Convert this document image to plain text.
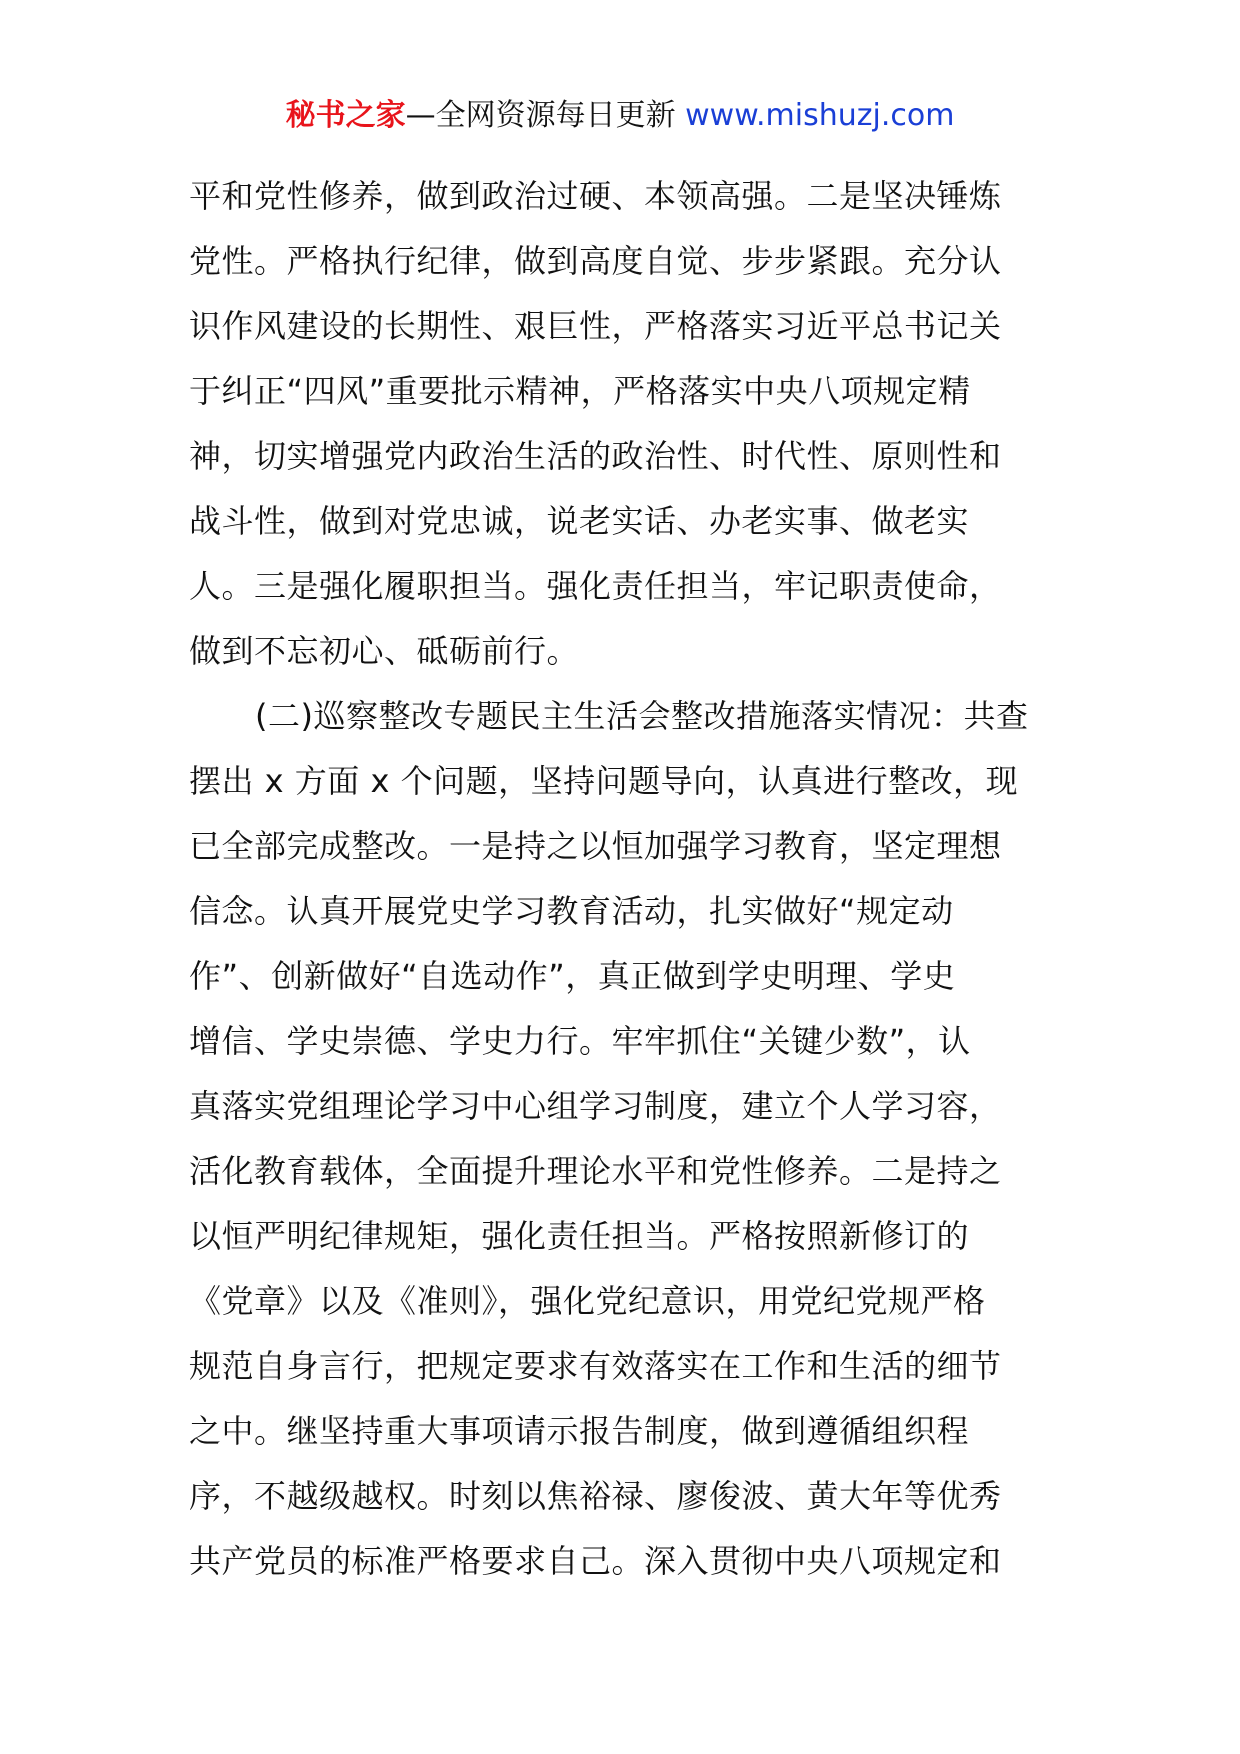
秘书之家—全网资源每日更新 www.mishuzj.com
平和党性修养，做到政治过硬、本领高强。二是坚决锤炼
党性。严格执行纪律，做到高度自觉、步步紧跟。充分认
识作风建设的长期性、艰巨性，严格落实习近平总书记关
于纠正“四风”重要批示精神，严格落实中央八项规定精
神，切实增强党内政治生活的政治性、时代性、原则性和
战斗性，做到对党忠诚，说老实话、办老实事、做老实
人。三是强化履职担当。强化责任担当，牢记职责使命，
做到不忘初心、砥砺前行。
(二)巡察整改专题民主生活会整改措施落实情况：共查
摆出 x 方面 x 个问题，坚持问题导向，认真进行整改，现
已全部完成整改。一是持之以恒加强学习教育，坚定理想
信念。认真开展党史学习教育活动，扎实做好“规定动
作”、创新做好“自选动作”，真正做到学史明理、学史
增信、学史崇德、学史力行。牢牢抓住“关键少数”，认
真落实党组理论学习中心组学习制度，建立个人学习容，
活化教育载体，全面提升理论水平和党性修养。二是持之
以恒严明纪律规矩，强化责任担当。严格按照新修订的
《党章》以及《准则》，强化党纪意识，用党纪党规严格
规范自身言行，把规定要求有效落实在工作和生活的细节
之中。继坚持重大事项请示报告制度，做到遵循组织程
序，不越级越权。时刻以焦裕禄、廖俊波、黄大年等优秀
共产党员的标准严格要求自己。深入贯彻中央八项规定和
